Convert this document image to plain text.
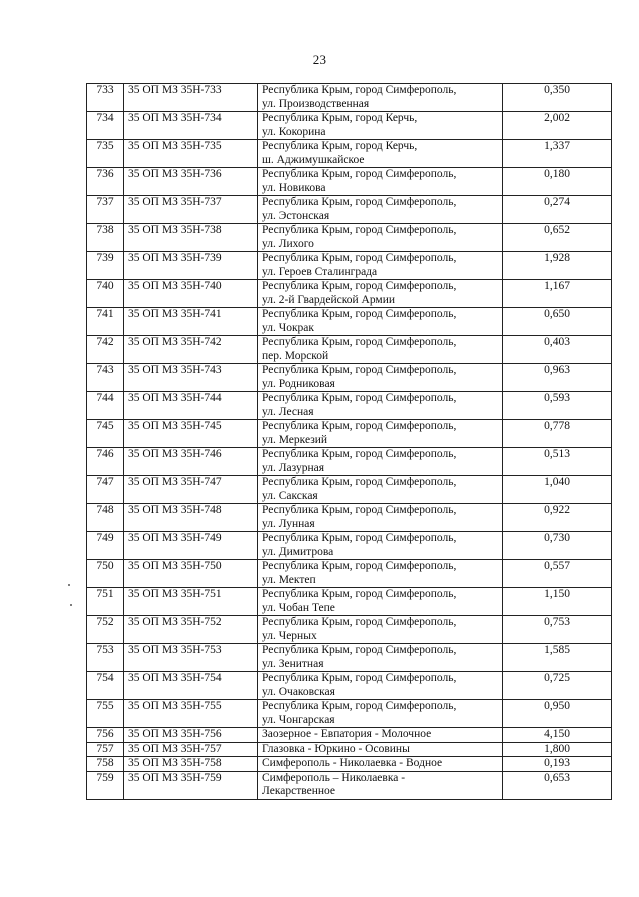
23
733	35 ОП МЗ 35Н-733	Республика Крым, город Симферополь,
ул. Производственная	0,350
734	35 ОП МЗ 35Н-734	Республика Крым, город Керчь,
ул. Кокорина	2,002
735	35 ОП МЗ 35Н-735	Республика Крым, город Керчь,
ш. Аджимушкайское	1,337
736	35 ОП МЗ 35Н-736	Республика Крым, город Симферополь,
ул. Новикова	0,180
737	35 ОП МЗ 35Н-737	Республика Крым, город Симферополь,
ул. Эстонская	0,274
738	35 ОП МЗ 35Н-738	Республика Крым, город Симферополь,
ул. Лихого	0,652
739	35 ОП МЗ 35Н-739	Республика Крым, город Симферополь,
ул. Героев Сталинграда	1,928
740	35 ОП МЗ 35Н-740	Республика Крым, город Симферополь,
ул. 2-й Гвардейской Армии	1,167
741	35 ОП МЗ 35Н-741	Республика Крым, город Симферополь,
ул. Чокрак	0,650
742	35 ОП МЗ 35Н-742	Республика Крым, город Симферополь,
пер. Морской	0,403
743	35 ОП МЗ 35Н-743	Республика Крым, город Симферополь,
ул. Родниковая	0,963
744	35 ОП МЗ 35Н-744	Республика Крым, город Симферополь,
ул. Лесная	0,593
745	35 ОП МЗ 35Н-745	Республика Крым, город Симферополь,
ул. Меркезий	0,778
746	35 ОП МЗ 35Н-746	Республика Крым, город Симферополь,
ул. Лазурная	0,513
747	35 ОП МЗ 35Н-747	Республика Крым, город Симферополь,
ул. Сакская	1,040
748	35 ОП МЗ 35Н-748	Республика Крым, город Симферополь,
ул. Лунная	0,922
749	35 ОП МЗ 35Н-749	Республика Крым, город Симферополь,
ул. Димитрова	0,730
750	35 ОП МЗ 35Н-750	Республика Крым, город Симферополь,
ул. Мектеп	0,557
751	35 ОП МЗ 35Н-751	Республика Крым, город Симферополь,
ул. Чобан Тепе	1,150
752	35 ОП МЗ 35Н-752	Республика Крым, город Симферополь,
ул. Черных	0,753
753	35 ОП МЗ 35Н-753	Республика Крым, город Симферополь,
ул. Зенитная	1,585
754	35 ОП МЗ 35Н-754	Республика Крым, город Симферополь,
ул. Очаковская	0,725
755	35 ОП МЗ 35Н-755	Республика Крым, город Симферополь,
ул. Чонгарская	0,950
756	35 ОП МЗ 35Н-756	Заозерное - Евпатория - Молочное	4,150
757	35 ОП МЗ 35Н-757	Глазовка - Юркино - Осовины	1,800
758	35 ОП МЗ 35Н-758	Симферополь - Николаевка - Водное	0,193
759	35 ОП МЗ 35Н-759	Симферополь – Николаевка -
Лекарственное	0,653
